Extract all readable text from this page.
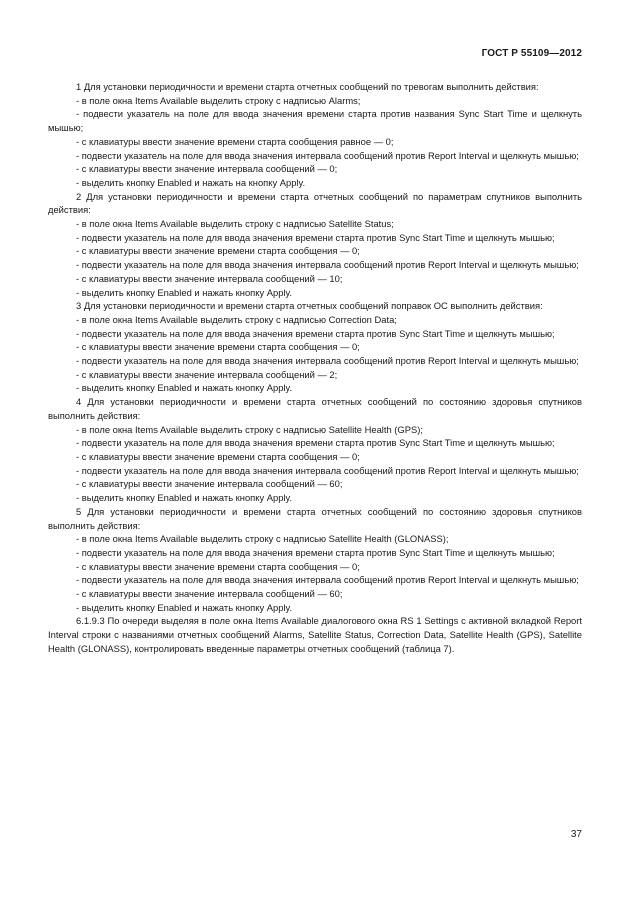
ГОСТ Р 55109—2012

1 Для установки периодичности и времени старта отчетных сообщений по тревогам выполнить действия:

- в поле окна Items Available выделить строку с надписью Alarms;

- подвести указатель на поле для ввода значения времени старта против названия Sync Start Time и щелкнуть мышью;

- с клавиатуры ввести значение времени старта сообщения равное — 0;

- подвести указатель на поле для ввода значения интервала сообщений против Report Interval и щелкнуть мышью;

- с клавиатуры ввести значение интервала сообщений — 0;

- выделить кнопку Enabled и нажать на кнопку Apply.

2 Для установки периодичности и времени старта отчетных сообщений по параметрам спутников выполнить действия:

- в поле окна Items Available выделить строку с надписью Satellite Status;

- подвести указатель на поле для ввода значения времени старта против Sync Start Time и щелкнуть мышью;

- с клавиатуры ввести значение времени старта сообщения — 0;

- подвести указатель на поле для ввода значения интервала сообщений против Report Interval и щелкнуть мышью;

- с клавиатуры ввести значение интервала сообщений — 10;

- выделить кнопку Enabled и нажать кнопку Apply.

3 Для установки периодичности и времени старта отчетных сообщений поправок ОС выполнить действия:

- в поле окна Items Available выделить строку с надписью Correction Data;

- подвести указатель на поле для ввода значения времени старта против Sync Start Time и щелкнуть мышью;

- с клавиатуры ввести значение времени старта сообщения — 0;

- подвести указатель на поле для ввода значения интервала сообщений против Report Interval и щелкнуть мышью;

- с клавиатуры ввести значение интервала сообщений — 2;

- выделить кнопку Enabled и нажать кнопку Apply.

4 Для установки периодичности и времени старта отчетных сообщений по состоянию здоровья спутников выполнить действия:

- в поле окна Items Available выделить строку с надписью Satellite Health (GPS);

- подвести указатель на поле для ввода значения времени старта против Sync Start Time и щелкнуть мышью;

- с клавиатуры ввести значение времени старта сообщения — 0;

- подвести указатель на поле для ввода значения интервала сообщений против Report Interval и щелкнуть мышью;

- с клавиатуры ввести значение интервала сообщений — 60;

- выделить кнопку Enabled и нажать кнопку Apply.

5 Для установки периодичности и времени старта отчетных сообщений по состоянию здоровья спутников выполнить действия:

- в поле окна Items Available выделить строку с надписью Satellite Health (GLONASS);

- подвести указатель на поле для ввода значения времени старта против Sync Start Time и щелкнуть мышью;

- с клавиатуры ввести значение времени старта сообщения — 0;

- подвести указатель на поле для ввода значения интервала сообщений против Report Interval и щелкнуть мышью;

- с клавиатуры ввести значение интервала сообщений — 60;

- выделить кнопку Enabled и нажать кнопку Apply.

6.1.9.3 По очереди выделяя в поле окна Items Available диалогового окна RS 1 Settings с активной вкладкой Report Interval строки с названиями отчетных сообщений Alarms, Satellite Status, Correction Data, Satellite Health (GPS), Satellite Health (GLONASS), контролировать введенные параметры отчетных сообщений (таблица 7).

37
